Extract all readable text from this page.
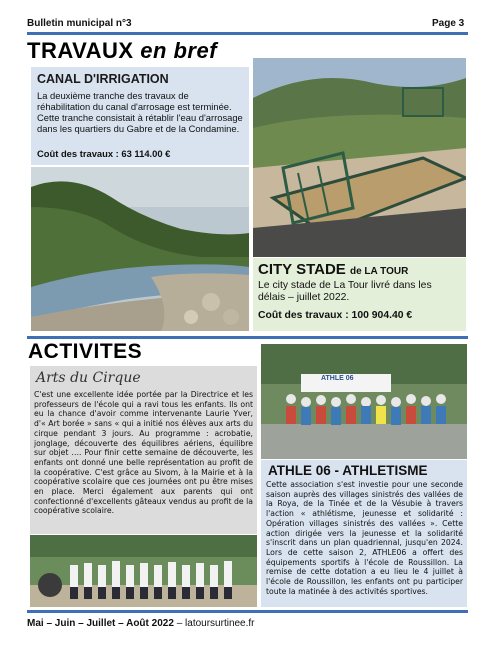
Bulletin municipal n°3	Page 3
TRAVAUX en bref
CANAL D'IRRIGATION
La deuxième tranche des travaux de réhabilitation du canal d'arrosage est terminée. Cette tranche consistait à rétablir l'eau d'arrosage dans les quartiers du Gabre et de la Condamine.
Coût des travaux : 63 114.00 €
CITY STADE de LA TOUR
Le city stade de La Tour livré dans les délais – juillet 2022.
Coût des travaux : 100 904.40 €
ACTIVITES
Arts du Cirque
C'est une excellente idée portée par la Directrice et les professeurs de l'école qui a ravi tous les enfants. Ils ont eu la chance d'avoir comme intervenante Laurie Yver, d'« Art borée » sans « qui a initié nos élèves aux arts du cirque pendant 3 jours. Au programme : acrobatie, jonglage, découverte des équilibres aériens, équilibre sur objet …. Pour finir cette semaine de découverte, les enfants ont donné une belle représentation au profit de la coopérative. C'est grâce au Sivom, à la Mairie et à la coopérative scolaire que ces journées ont pu être mises en place. Merci également aux parents qui ont confectionné d'excellents gâteaux vendus au profit de la coopérative scolaire.
ATHLE 06
ATHLE 06 - ATHLETISME
Cette association s'est investie pour une seconde saison auprès des villages sinistrés des vallées de la Roya, de la Tinée et de la Vésubie à travers l'action « athlétisme, jeunesse et solidarité : Opération villages sinistrés des vallées ». Cette action dirigée vers la jeunesse et la solidarité s'inscrit dans un plan quadriennal, jusqu'en 2024. Lors de cette saison 2, ATHLE06 a offert des équipements sportifs à l'école de Roussillon. La remise de cette dotation a eu lieu le 4 juillet à l'école de Roussillon, les enfants ont pu participer toute la matinée à des activités sportives.
Mai – Juin – Juillet – Août 2022 – latoursurtinee.fr
